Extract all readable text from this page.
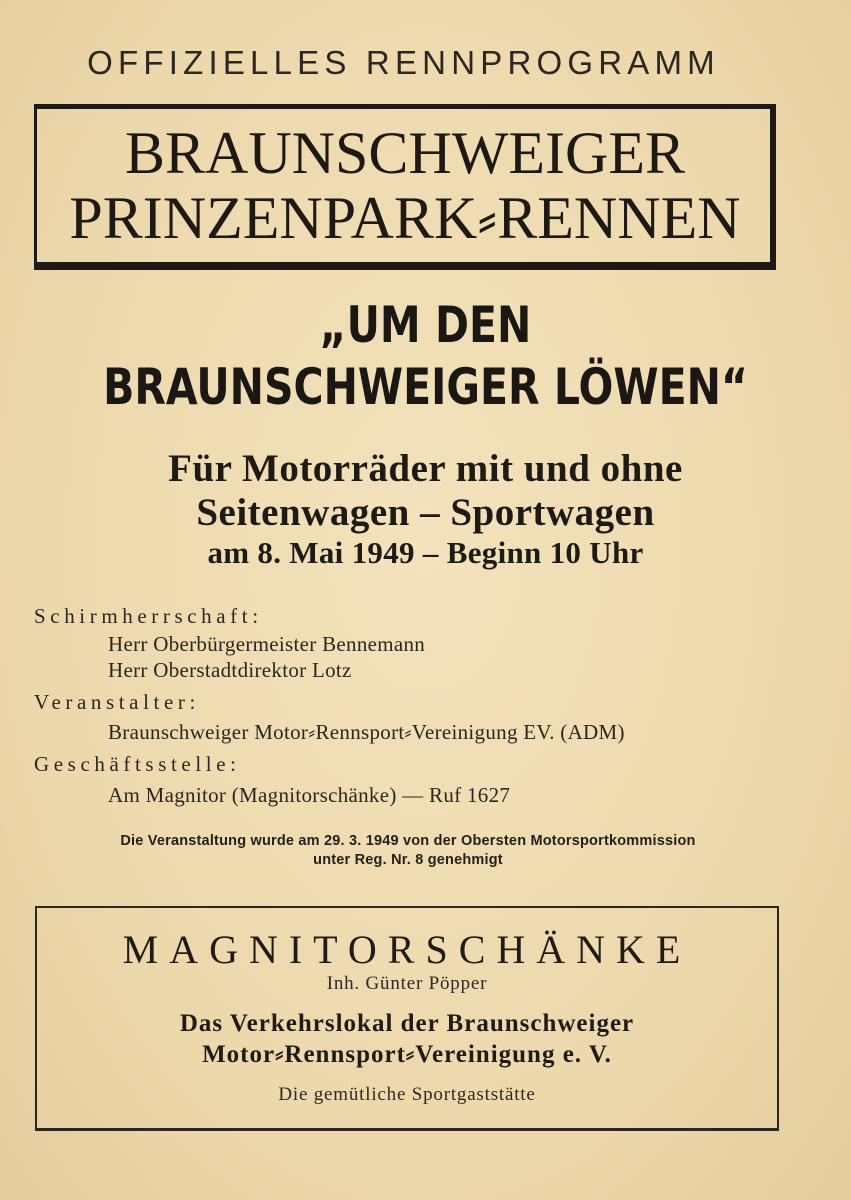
OFFIZIELLES RENNPROGRAMM
BRAUNSCHWEIGER
PRINZENPARK⸗RENNEN
„UM DEN
BRAUNSCHWEIGER LÖWEN“
Für Motorräder mit und ohne
Seitenwagen – Sportwagen
am 8. Mai 1949 – Beginn 10 Uhr
Schirmherrschaft:
Herr Oberbürgermeister Bennemann
Herr Oberstadtdirektor Lotz
Veranstalter:
Braunschweiger Motor⸗Rennsport⸗Vereinigung EV. (ADM)
Geschäftsstelle:
Am Magnitor (Magnitorschänke) — Ruf 1627
Die Veranstaltung wurde am 29. 3. 1949 von der Obersten Motorsportkommission
unter Reg. Nr. 8 genehmigt
MAGNITORSCHÄNKE
Inh. Günter Pöpper
Das Verkehrslokal der Braunschweiger
Motor⸗Rennsport⸗Vereinigung e. V.
Die gemütliche Sportgaststätte
